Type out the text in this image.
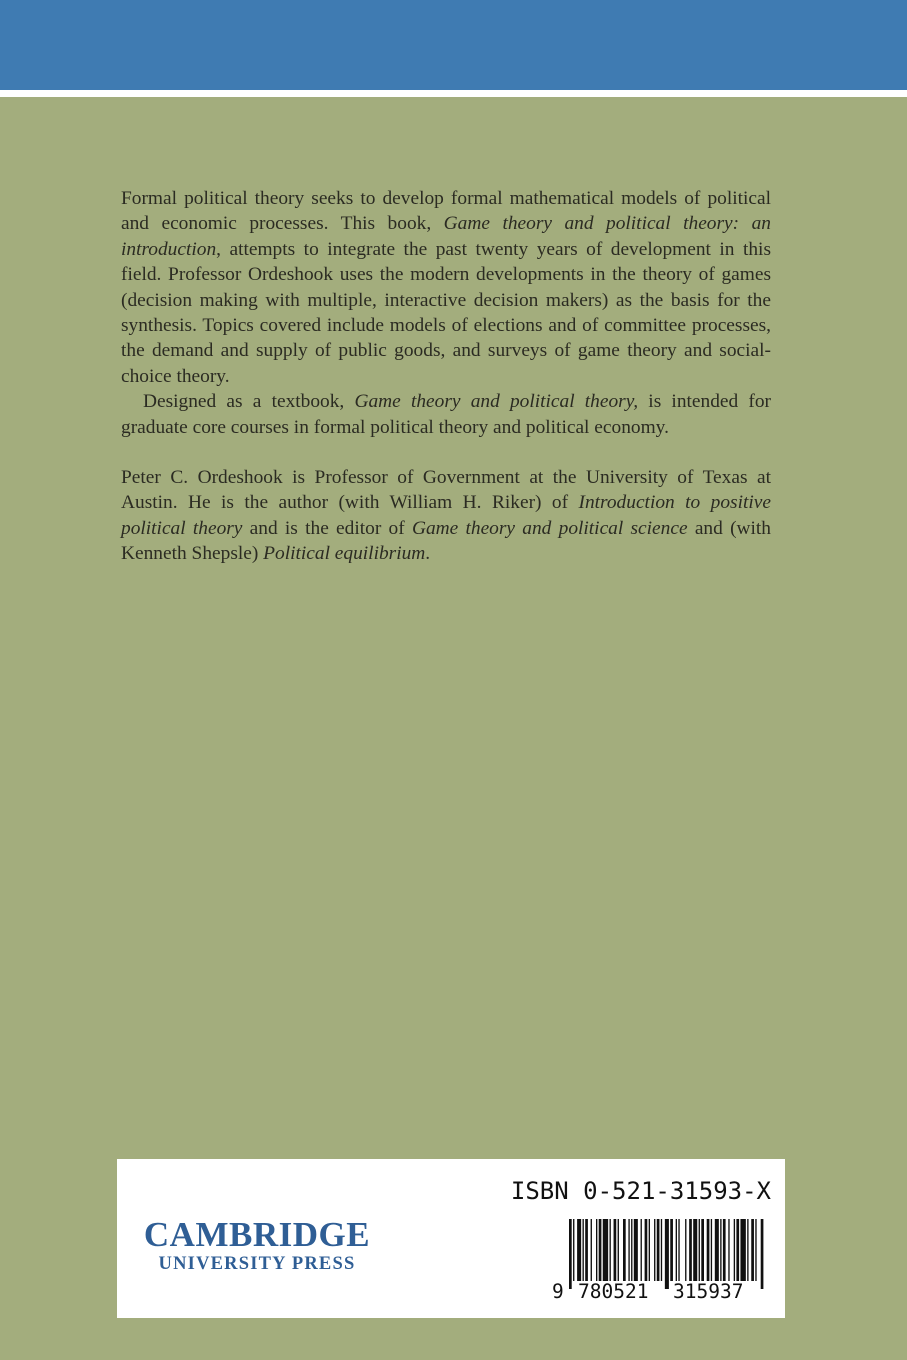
Formal political theory seeks to develop formal mathematical models of political and economic processes. This book, Game theory and political theory: an introduction, attempts to integrate the past twenty years of development in this field. Professor Ordeshook uses the modern developments in the theory of games (decision making with multiple, interactive decision makers) as the basis for the synthesis. Topics covered include models of elections and of committee processes, the demand and supply of public goods, and surveys of game theory and social-choice theory.

Designed as a textbook, Game theory and political theory, is intended for graduate core courses in formal political theory and political economy.

Peter C. Ordeshook is Professor of Government at the University of Texas at Austin. He is the author (with William H. Riker) of Introduction to positive political theory and is the editor of Game theory and political science and (with Kenneth Shepsle) Political equilibrium.

CAMBRIDGE
UNIVERSITY PRESS
ISBN 0-521-31593-X
9 780521 315937
